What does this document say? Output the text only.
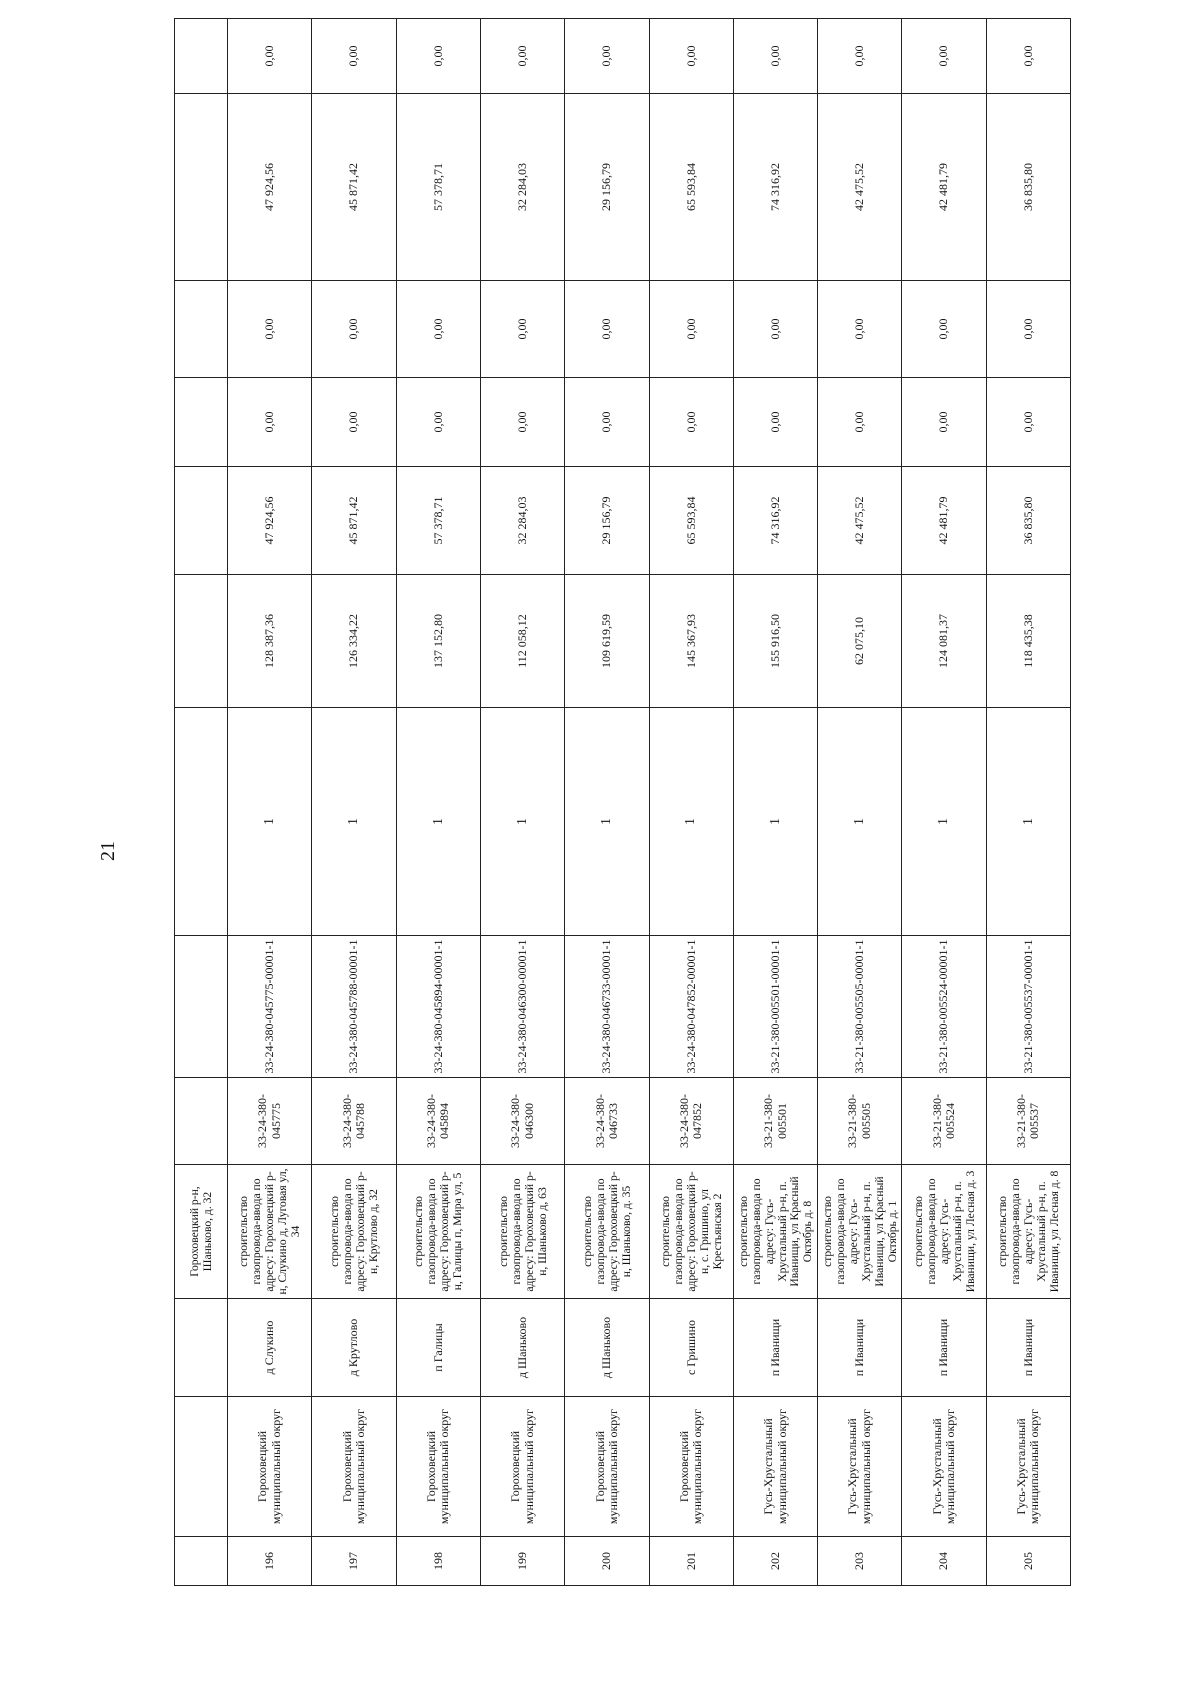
21
			Гороховецкий р-н, Шаньково, д. 32									
196	Гороховецкий муниципальный округ	д Слукино	строительство газопровода-ввода по адресу: Гороховецкий р-н, Слукино д, Луговая ул, 34	33-24-380-045775	33-24-380-045775-00001-1	1	128 387,36	47 924,56	0,00	0,00	47 924,56	0,00
197	Гороховецкий муниципальный округ	д Крутлово	строительство газопровода-ввода по адресу: Гороховецкий р-н, Крутлово д, 32	33-24-380-045788	33-24-380-045788-00001-1	1	126 334,22	45 871,42	0,00	0,00	45 871,42	0,00
198	Гороховецкий муниципальный округ	п Галицы	строительство газопровода-ввода по адресу: Гороховецкий р-н, Галицы п, Мира ул, 5	33-24-380-045894	33-24-380-045894-00001-1	1	137 152,80	57 378,71	0,00	0,00	57 378,71	0,00
199	Гороховецкий муниципальный округ	д Шаньково	строительство газопровода-ввода по адресу: Гороховецкий р-н, Шаньково д, 63	33-24-380-046300	33-24-380-046300-00001-1	1	112 058,12	32 284,03	0,00	0,00	32 284,03	0,00
200	Гороховецкий муниципальный округ	д Шаньково	строительство газопровода-ввода по адресу: Гороховецкий р-н, Шаньково, д. 35	33-24-380-046733	33-24-380-046733-00001-1	1	109 619,59	29 156,79	0,00	0,00	29 156,79	0,00
201	Гороховецкий муниципальный округ	с Гришино	строительство газопровода-ввода по адресу: Гороховецкий р-н, с. Гришино, ул Крестьянская 2	33-24-380-047852	33-24-380-047852-00001-1	1	145 367,93	65 593,84	0,00	0,00	65 593,84	0,00
202	Гусь-Хрустальный муниципальный округ	п Иванищи	строительство газопровода-ввода по адресу: Гусь-Хрустальный р-н, п. Иванищи, ул Красный Октябрь д. 8	33-21-380-005501	33-21-380-005501-00001-1	1	155 916,50	74 316,92	0,00	0,00	74 316,92	0,00
203	Гусь-Хрустальный муниципальный округ	п Иванищи	строительство газопровода-ввода по адресу: Гусь-Хрустальный р-н, п. Иванищи, ул Красный Октябрь д. 1	33-21-380-005505	33-21-380-005505-00001-1	1	62 075,10	42 475,52	0,00	0,00	42 475,52	0,00
204	Гусь-Хрустальный муниципальный округ	п Иванищи	строительство газопровода-ввода по адресу: Гусь-Хрустальный р-н, п. Иванищи, ул Лесная д. 3	33-21-380-005524	33-21-380-005524-00001-1	1	124 081,37	42 481,79	0,00	0,00	42 481,79	0,00
205	Гусь-Хрустальный муниципальный округ	п Иванищи	строительство газопровода-ввода по адресу: Гусь-Хрустальный р-н, п. Иванищи, ул Лесная д. 8	33-21-380-005537	33-21-380-005537-00001-1	1	118 435,38	36 835,80	0,00	0,00	36 835,80	0,00
